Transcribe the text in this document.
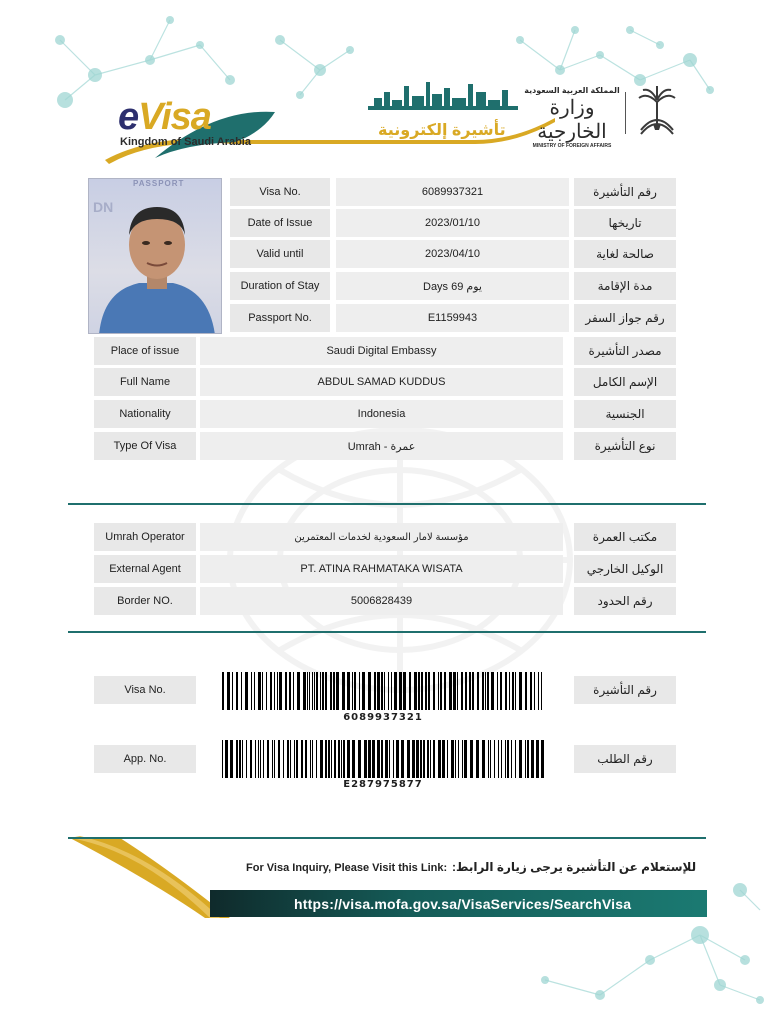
eVisa
Kingdom of Saudi Arabia
تأشيرة إلكترونية
المملكة العربية السعودية
وزارة الخارجية
MINISTRY OF FOREIGN AFFAIRS
PASSPORT
DN
Visa No.	6089937321	رقم التأشيرة
Date of Issue	2023/01/10	تاريخها
Valid until	2023/04/10	صالحة لغاية
Duration of Stay	Days 69 يوم	مدة الإقامة
Passport No.	E1159943	رقم جواز السفر
Place of issue	Saudi Digital Embassy	مصدر التأشيرة
Full Name	ABDUL SAMAD KUDDUS	الإسم الكامل
Nationality	Indonesia	الجنسية
Type Of Visa	Umrah - عمرة	نوع التأشيرة
Umrah Operator	مؤسسة لامار السعودية لخدمات المعتمرين	مكتب العمرة
External Agent	PT. ATINA RAHMATAKA WISATA	الوكيل الخارجي
Border NO.	5006828439	رقم الحدود
Visa No.	رقم التأشيرة
6089937321
App. No.	رقم الطلب
E287975877
For Visa Inquiry, Please Visit this Link: للإستعلام عن التأشيرة يرجى زيارة الرابط:
https://visa.mofa.gov.sa/VisaServices/SearchVisa
